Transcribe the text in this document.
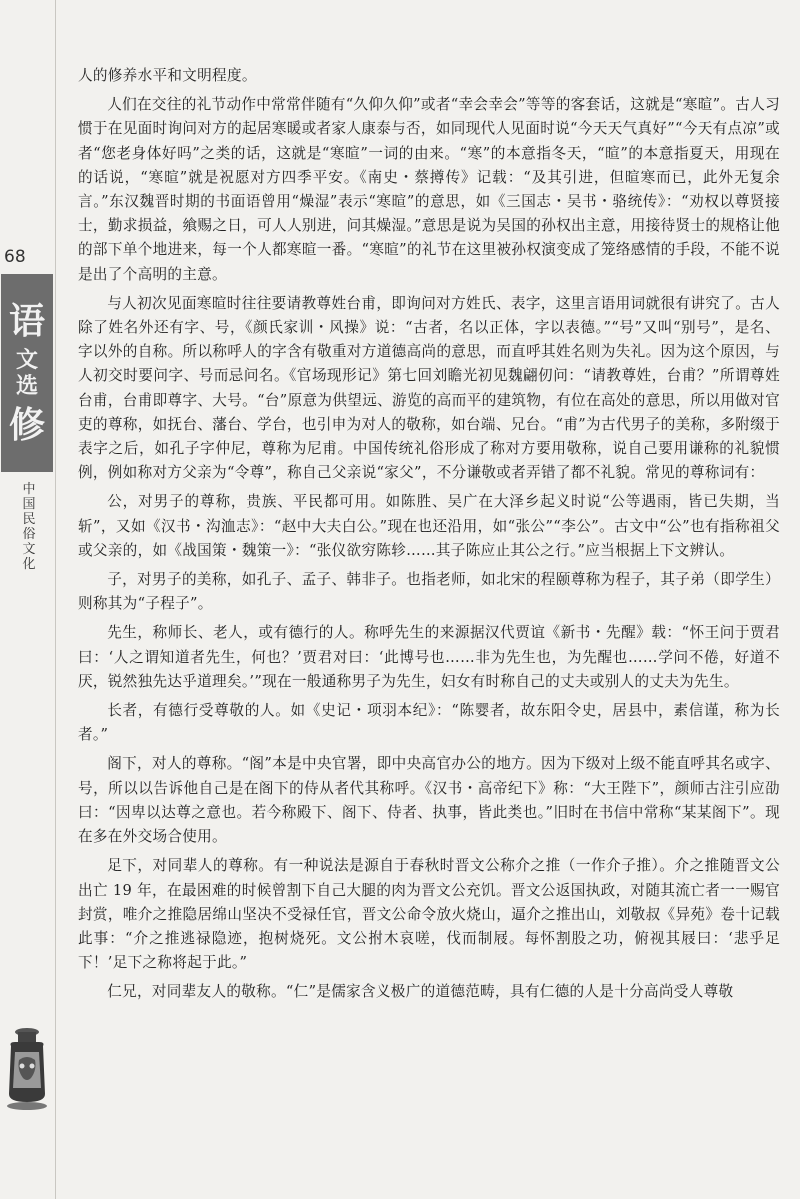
68
语
文
选
修
中国民俗文化

人的修养水平和文明程度。

人们在交往的礼节动作中常常伴随有“久仰久仰”或者“幸会幸会”等等的客套话，这就是“寒暄”。古人习惯于在见面时询问对方的起居寒暖或者家人康泰与否，如同现代人见面时说“今天天气真好”“今天有点凉”或者“您老身体好吗”之类的话，这就是“寒暄”一词的由来。“寒”的本意指冬天，“暄”的本意指夏天，用现在的话说，“寒暄”就是祝愿对方四季平安。《南史・蔡撙传》记载：“及其引进，但暄寒而已，此外无复余言。”东汉魏晋时期的书面语曾用“燥湿”表示“寒暄”的意思，如《三国志・吴书・骆统传》：“劝权以尊贤接士，勤求损益，飨赐之日，可人人别进，问其燥湿。”意思是说为吴国的孙权出主意，用接待贤士的规格让他的部下单个地进来，每一个人都寒暄一番。“寒暄”的礼节在这里被孙权演变成了笼络感情的手段，不能不说是出了个高明的主意。

与人初次见面寒暄时往往要请教尊姓台甫，即询问对方姓氏、表字，这里言语用词就很有讲究了。古人除了姓名外还有字、号，《颜氏家训・风操》说：“古者，名以正体，字以表德。”“号”又叫“别号”，是名、字以外的自称。所以称呼人的字含有敬重对方道德高尚的意思，而直呼其姓名则为失礼。因为这个原因，与人初交时要问字、号而忌问名。《官场现形记》第七回刘瞻光初见魏翩仞问：“请教尊姓，台甫？”所谓尊姓台甫，台甫即尊字、大号。“台”原意为供望远、游览的高而平的建筑物，有位在高处的意思，所以用做对官吏的尊称，如抚台、藩台、学台，也引申为对人的敬称，如台端、兄台。“甫”为古代男子的美称，多附缀于表字之后，如孔子字仲尼，尊称为尼甫。中国传统礼俗形成了称对方要用敬称，说自己要用谦称的礼貌惯例，例如称对方父亲为“令尊”，称自己父亲说“家父”，不分谦敬或者弄错了都不礼貌。常见的尊称词有：

公，对男子的尊称，贵族、平民都可用。如陈胜、吴广在大泽乡起义时说“公等遇雨，皆已失期，当斩”，又如《汉书・沟洫志》：“赵中大夫白公。”现在也还沿用，如“张公”“李公”。古文中“公”也有指称祖父或父亲的，如《战国策・魏策一》：“张仪欲穷陈轸……其子陈应止其公之行。”应当根据上下文辨认。

子，对男子的美称，如孔子、孟子、韩非子。也指老师，如北宋的程颐尊称为程子，其子弟（即学生）则称其为“子程子”。

先生，称师长、老人，或有德行的人。称呼先生的来源据汉代贾谊《新书・先醒》载：“怀王问于贾君曰：‘人之谓知道者先生，何也？’贾君对曰：‘此博号也……非为先生也，为先醒也……学问不倦，好道不厌，锐然独先达乎道理矣。’”现在一般通称男子为先生，妇女有时称自己的丈夫或别人的丈夫为先生。

长者，有德行受尊敬的人。如《史记・项羽本纪》：“陈婴者，故东阳令史，居县中，素信谨，称为长者。”

阁下，对人的尊称。“阁”本是中央官署，即中央高官办公的地方。因为下级对上级不能直呼其名或字、号，所以以告诉他自己是在阁下的侍从者代其称呼。《汉书・高帝纪下》称：“大王陛下”，颜师古注引应劭曰：“因卑以达尊之意也。若今称殿下、阁下、侍者、执事，皆此类也。”旧时在书信中常称“某某阁下”。现在多在外交场合使用。

足下，对同辈人的尊称。有一种说法是源自于春秋时晋文公称介之推（一作介子推）。介之推随晋文公出亡 19 年，在最困难的时候曾割下自己大腿的肉为晋文公充饥。晋文公返国执政，对随其流亡者一一赐官封赏，唯介之推隐居绵山坚决不受禄任官，晋文公命令放火烧山，逼介之推出山，刘敬叔《异苑》卷十记载此事：“介之推逃禄隐迹，抱树烧死。文公拊木哀嗟，伐而制屐。每怀割股之功，俯视其屐曰：‘悲乎足下！’足下之称将起于此。”

仁兄，对同辈友人的敬称。“仁”是儒家含义极广的道德范畴，具有仁德的人是十分高尚受人尊敬
